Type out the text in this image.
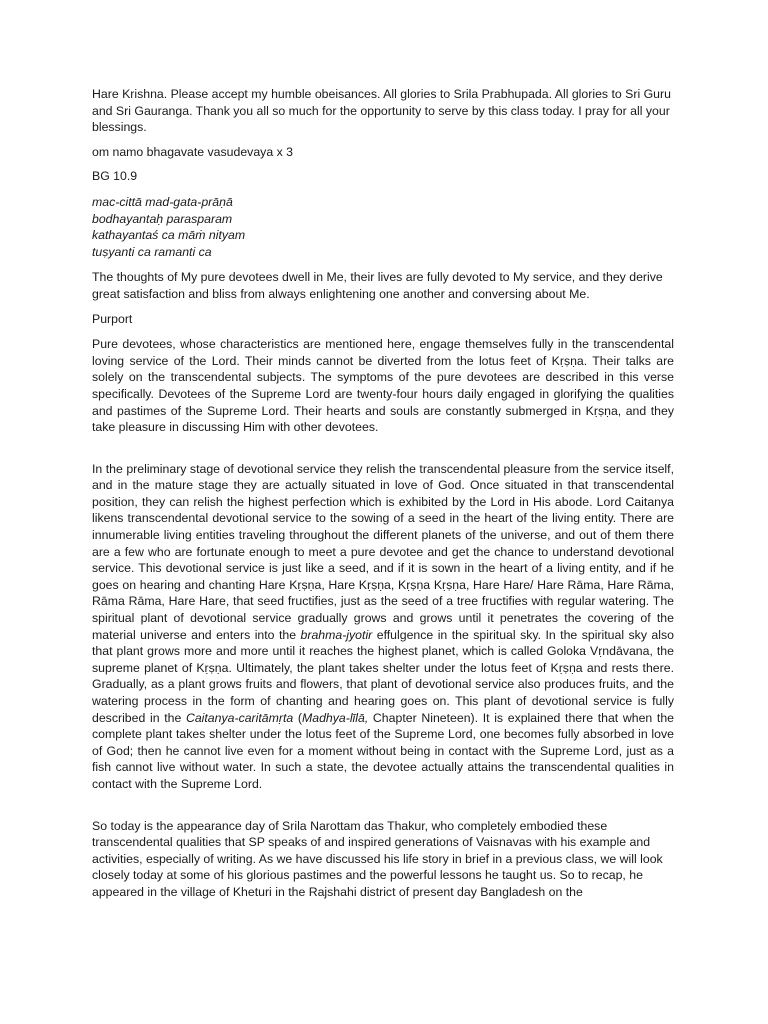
Hare Krishna. Please accept my humble obeisances. All glories to Srila Prabhupada. All glories to Sri Guru and Sri Gauranga. Thank you all so much for the opportunity to serve by this class today. I pray for all your blessings.

om namo bhagavate vasudevaya x 3

BG 10.9

mac-cittā mad-gata-prāṇā

bodhayantaḥ parasparam

kathayantaś ca māṁ nityam

tuṣyanti ca ramanti ca

The thoughts of My pure devotees dwell in Me, their lives are fully devoted to My service, and they derive great satisfaction and bliss from always enlightening one another and conversing about Me.

Purport

Pure devotees, whose characteristics are mentioned here, engage themselves fully in the transcendental loving service of the Lord. Their minds cannot be diverted from the lotus feet of Kṛṣṇa. Their talks are solely on the transcendental subjects. The symptoms of the pure devotees are described in this verse specifically. Devotees of the Supreme Lord are twenty-four hours daily engaged in glorifying the qualities and pastimes of the Supreme Lord. Their hearts and souls are constantly submerged in Kṛṣṇa, and they take pleasure in discussing Him with other devotees.

In the preliminary stage of devotional service they relish the transcendental pleasure from the service itself, and in the mature stage they are actually situated in love of God. Once situated in that transcendental position, they can relish the highest perfection which is exhibited by the Lord in His abode. Lord Caitanya likens transcendental devotional service to the sowing of a seed in the heart of the living entity. There are innumerable living entities traveling throughout the different planets of the universe, and out of them there are a few who are fortunate enough to meet a pure devotee and get the chance to understand devotional service. This devotional service is just like a seed, and if it is sown in the heart of a living entity, and if he goes on hearing and chanting Hare Kṛṣṇa, Hare Kṛṣṇa, Kṛṣṇa Kṛṣṇa, Hare Hare/ Hare Rāma, Hare Rāma, Rāma Rāma, Hare Hare, that seed fructifies, just as the seed of a tree fructifies with regular watering. The spiritual plant of devotional service gradually grows and grows until it penetrates the covering of the material universe and enters into the brahma-jyotir effulgence in the spiritual sky. In the spiritual sky also that plant grows more and more until it reaches the highest planet, which is called Goloka Vṛndāvana, the supreme planet of Kṛṣṇa. Ultimately, the plant takes shelter under the lotus feet of Kṛṣṇa and rests there. Gradually, as a plant grows fruits and flowers, that plant of devotional service also produces fruits, and the watering process in the form of chanting and hearing goes on. This plant of devotional service is fully described in the Caitanya-caritāmṛta (Madhya-līlā, Chapter Nineteen). It is explained there that when the complete plant takes shelter under the lotus feet of the Supreme Lord, one becomes fully absorbed in love of God; then he cannot live even for a moment without being in contact with the Supreme Lord, just as a fish cannot live without water. In such a state, the devotee actually attains the transcendental qualities in contact with the Supreme Lord.

So today is the appearance day of Srila Narottam das Thakur, who completely embodied these transcendental qualities that SP speaks of and inspired generations of Vaisnavas with his example and activities, especially of writing. As we have discussed his life story in brief in a previous class, we will look closely today at some of his glorious pastimes and the powerful lessons he taught us. So to recap, he appeared in the village of Kheturi in the Rajshahi district of present day Bangladesh on the
